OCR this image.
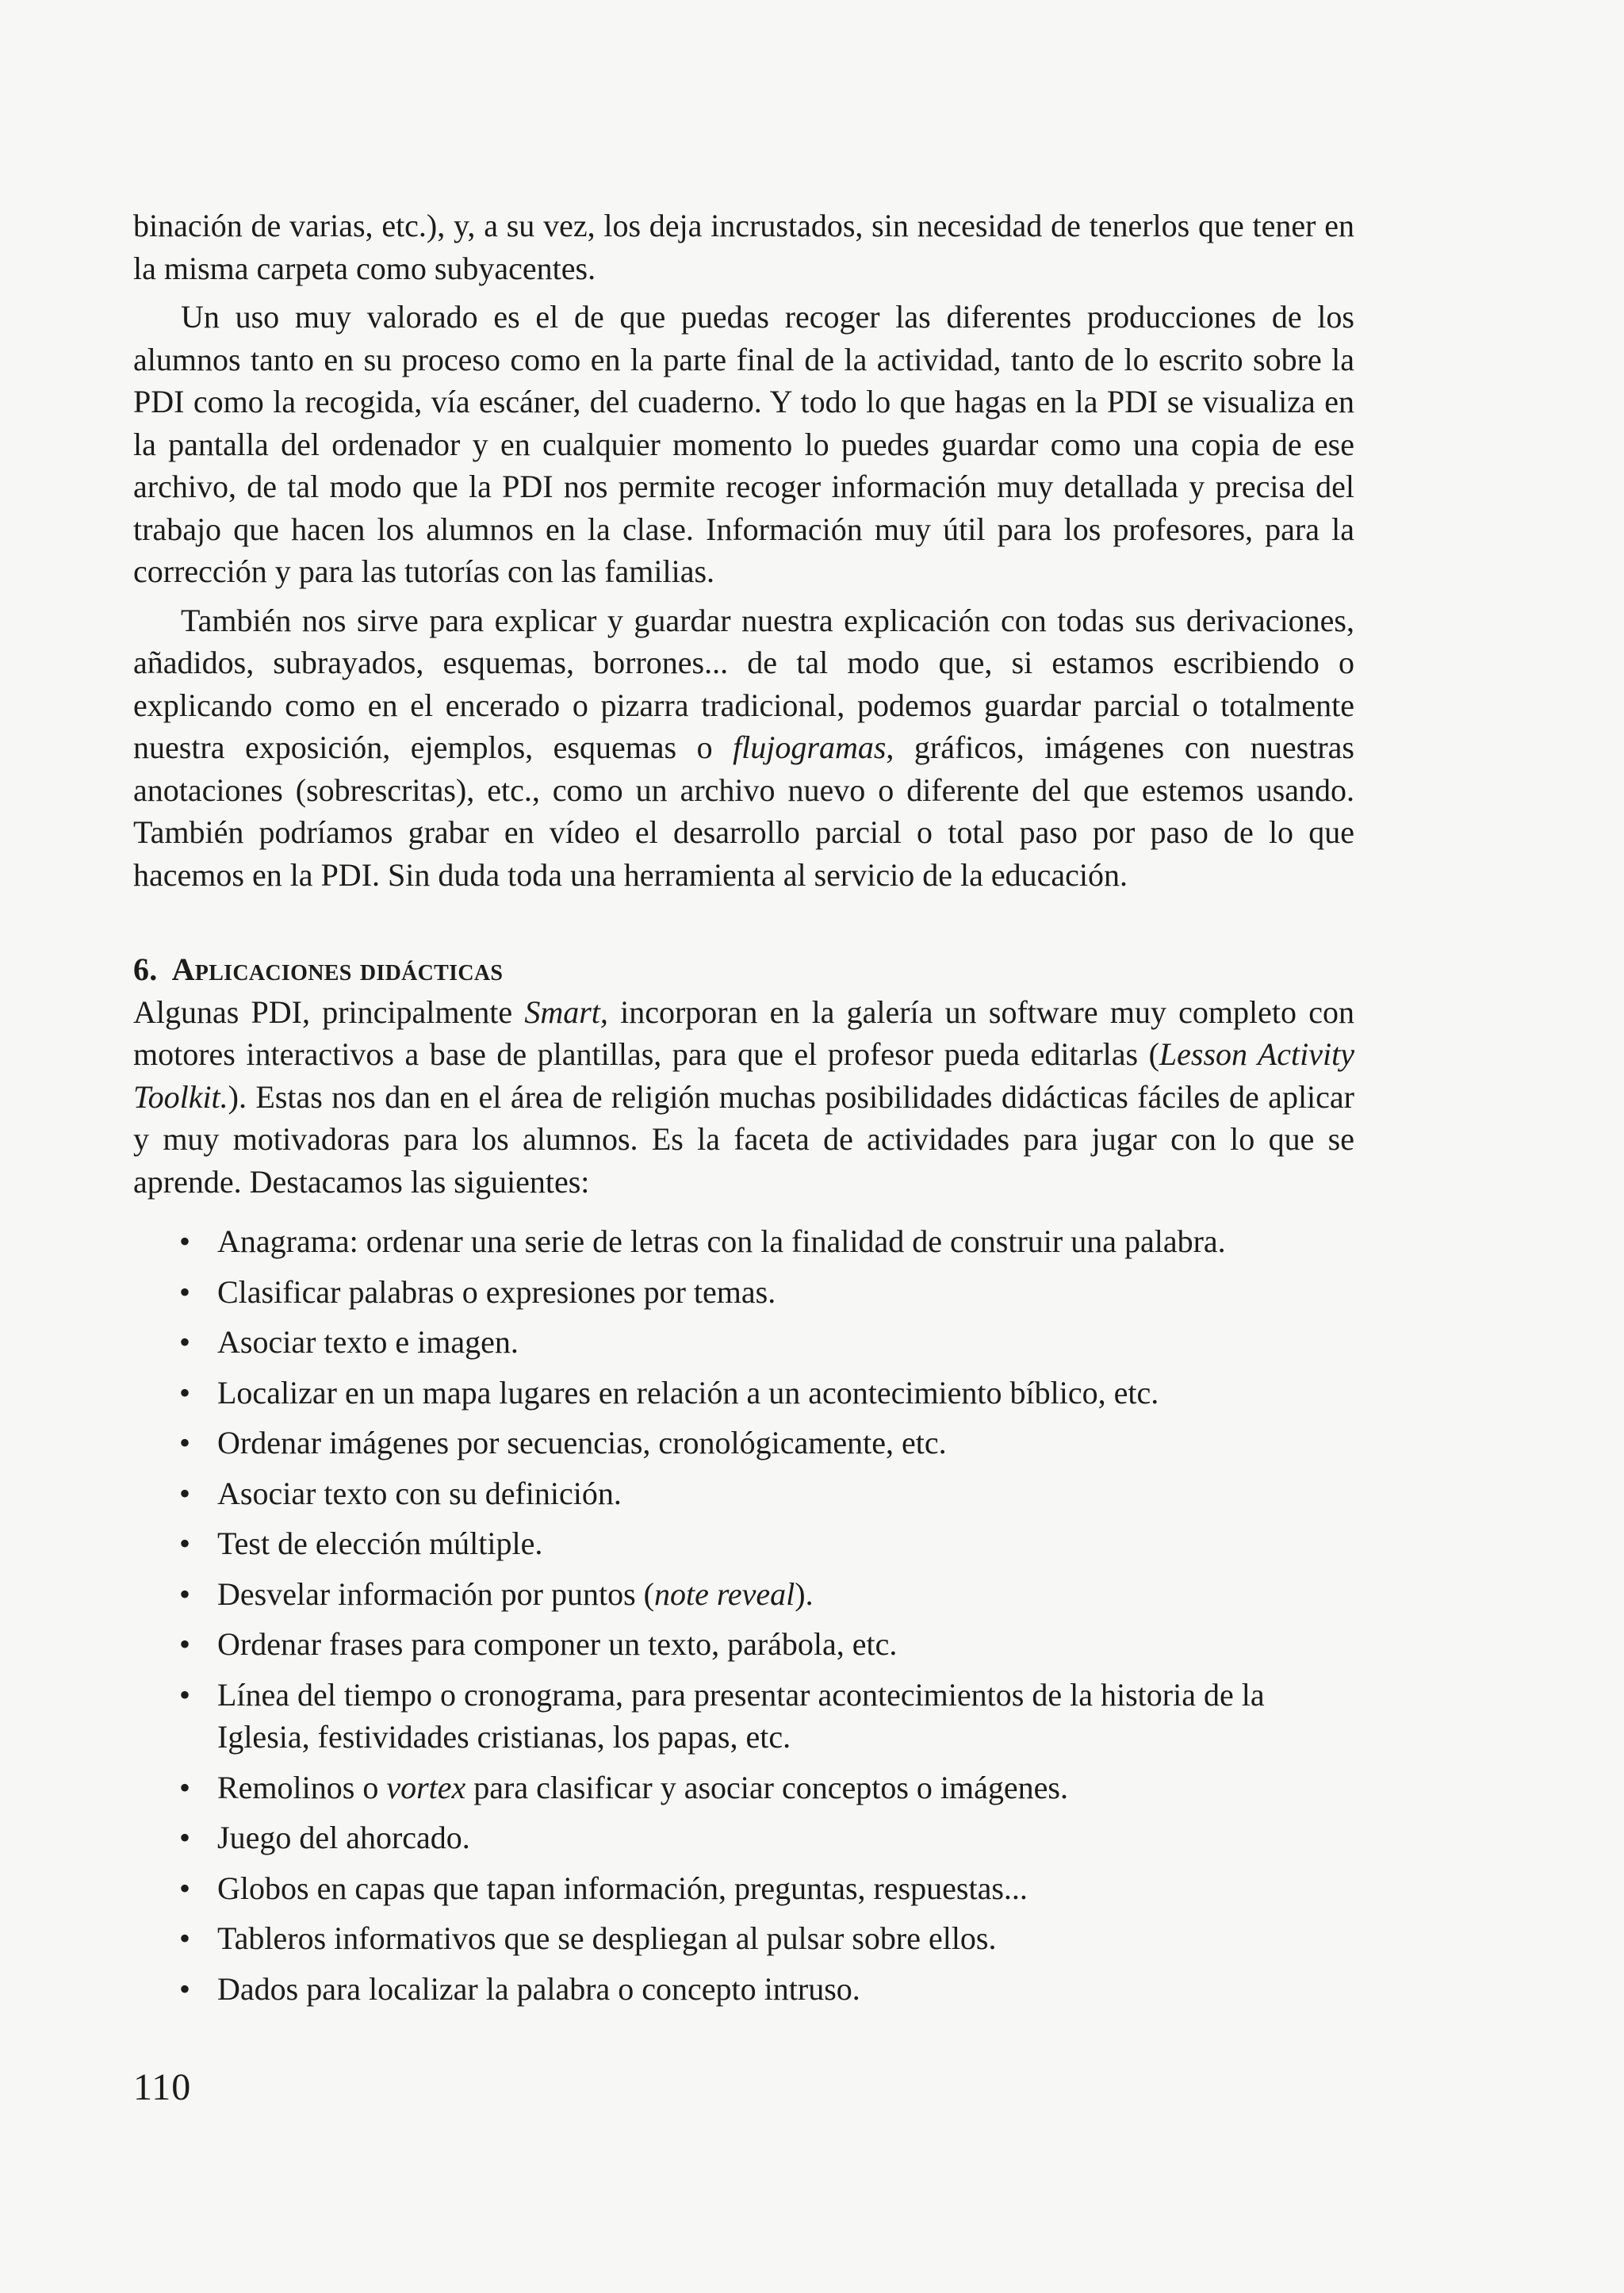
binación de varias, etc.), y, a su vez, los deja incrustados, sin necesidad de tenerlos que tener en la misma carpeta como subyacentes.

Un uso muy valorado es el de que puedas recoger las diferentes producciones de los alumnos tanto en su proceso como en la parte final de la actividad, tanto de lo escrito sobre la PDI como la recogida, vía escáner, del cuaderno. Y todo lo que hagas en la PDI se visualiza en la pantalla del ordenador y en cualquier momento lo puedes guardar como una copia de ese archivo, de tal modo que la PDI nos permite recoger información muy detallada y precisa del trabajo que hacen los alumnos en la clase. Información muy útil para los profesores, para la corrección y para las tutorías con las familias.

También nos sirve para explicar y guardar nuestra explicación con todas sus derivaciones, añadidos, subrayados, esquemas, borrones... de tal modo que, si estamos escribiendo o explicando como en el encerado o pizarra tradicional, podemos guardar parcial o totalmente nuestra exposición, ejemplos, esquemas o flujogramas, gráficos, imágenes con nuestras anotaciones (sobrescritas), etc., como un archivo nuevo o diferente del que estemos usando. También podríamos grabar en vídeo el desarrollo parcial o total paso por paso de lo que hacemos en la PDI. Sin duda toda una herramienta al servicio de la educación.

6. Aplicaciones didácticas

Algunas PDI, principalmente Smart, incorporan en la galería un software muy completo con motores interactivos a base de plantillas, para que el profesor pueda editarlas (Lesson Activity Toolkit.). Estas nos dan en el área de religión muchas posibilidades didácticas fáciles de aplicar y muy motivadoras para los alumnos. Es la faceta de actividades para jugar con lo que se aprende. Destacamos las siguientes:

• Anagrama: ordenar una serie de letras con la finalidad de construir una palabra.
• Clasificar palabras o expresiones por temas.
• Asociar texto e imagen.
• Localizar en un mapa lugares en relación a un acontecimiento bíblico, etc.
• Ordenar imágenes por secuencias, cronológicamente, etc.
• Asociar texto con su definición.
• Test de elección múltiple.
• Desvelar información por puntos (note reveal).
• Ordenar frases para componer un texto, parábola, etc.
• Línea del tiempo o cronograma, para presentar acontecimientos de la historia de la Iglesia, festividades cristianas, los papas, etc.
• Remolinos o vortex para clasificar y asociar conceptos o imágenes.
• Juego del ahorcado.
• Globos en capas que tapan información, preguntas, respuestas...
• Tableros informativos que se despliegan al pulsar sobre ellos.
• Dados para localizar la palabra o concepto intruso.
110
